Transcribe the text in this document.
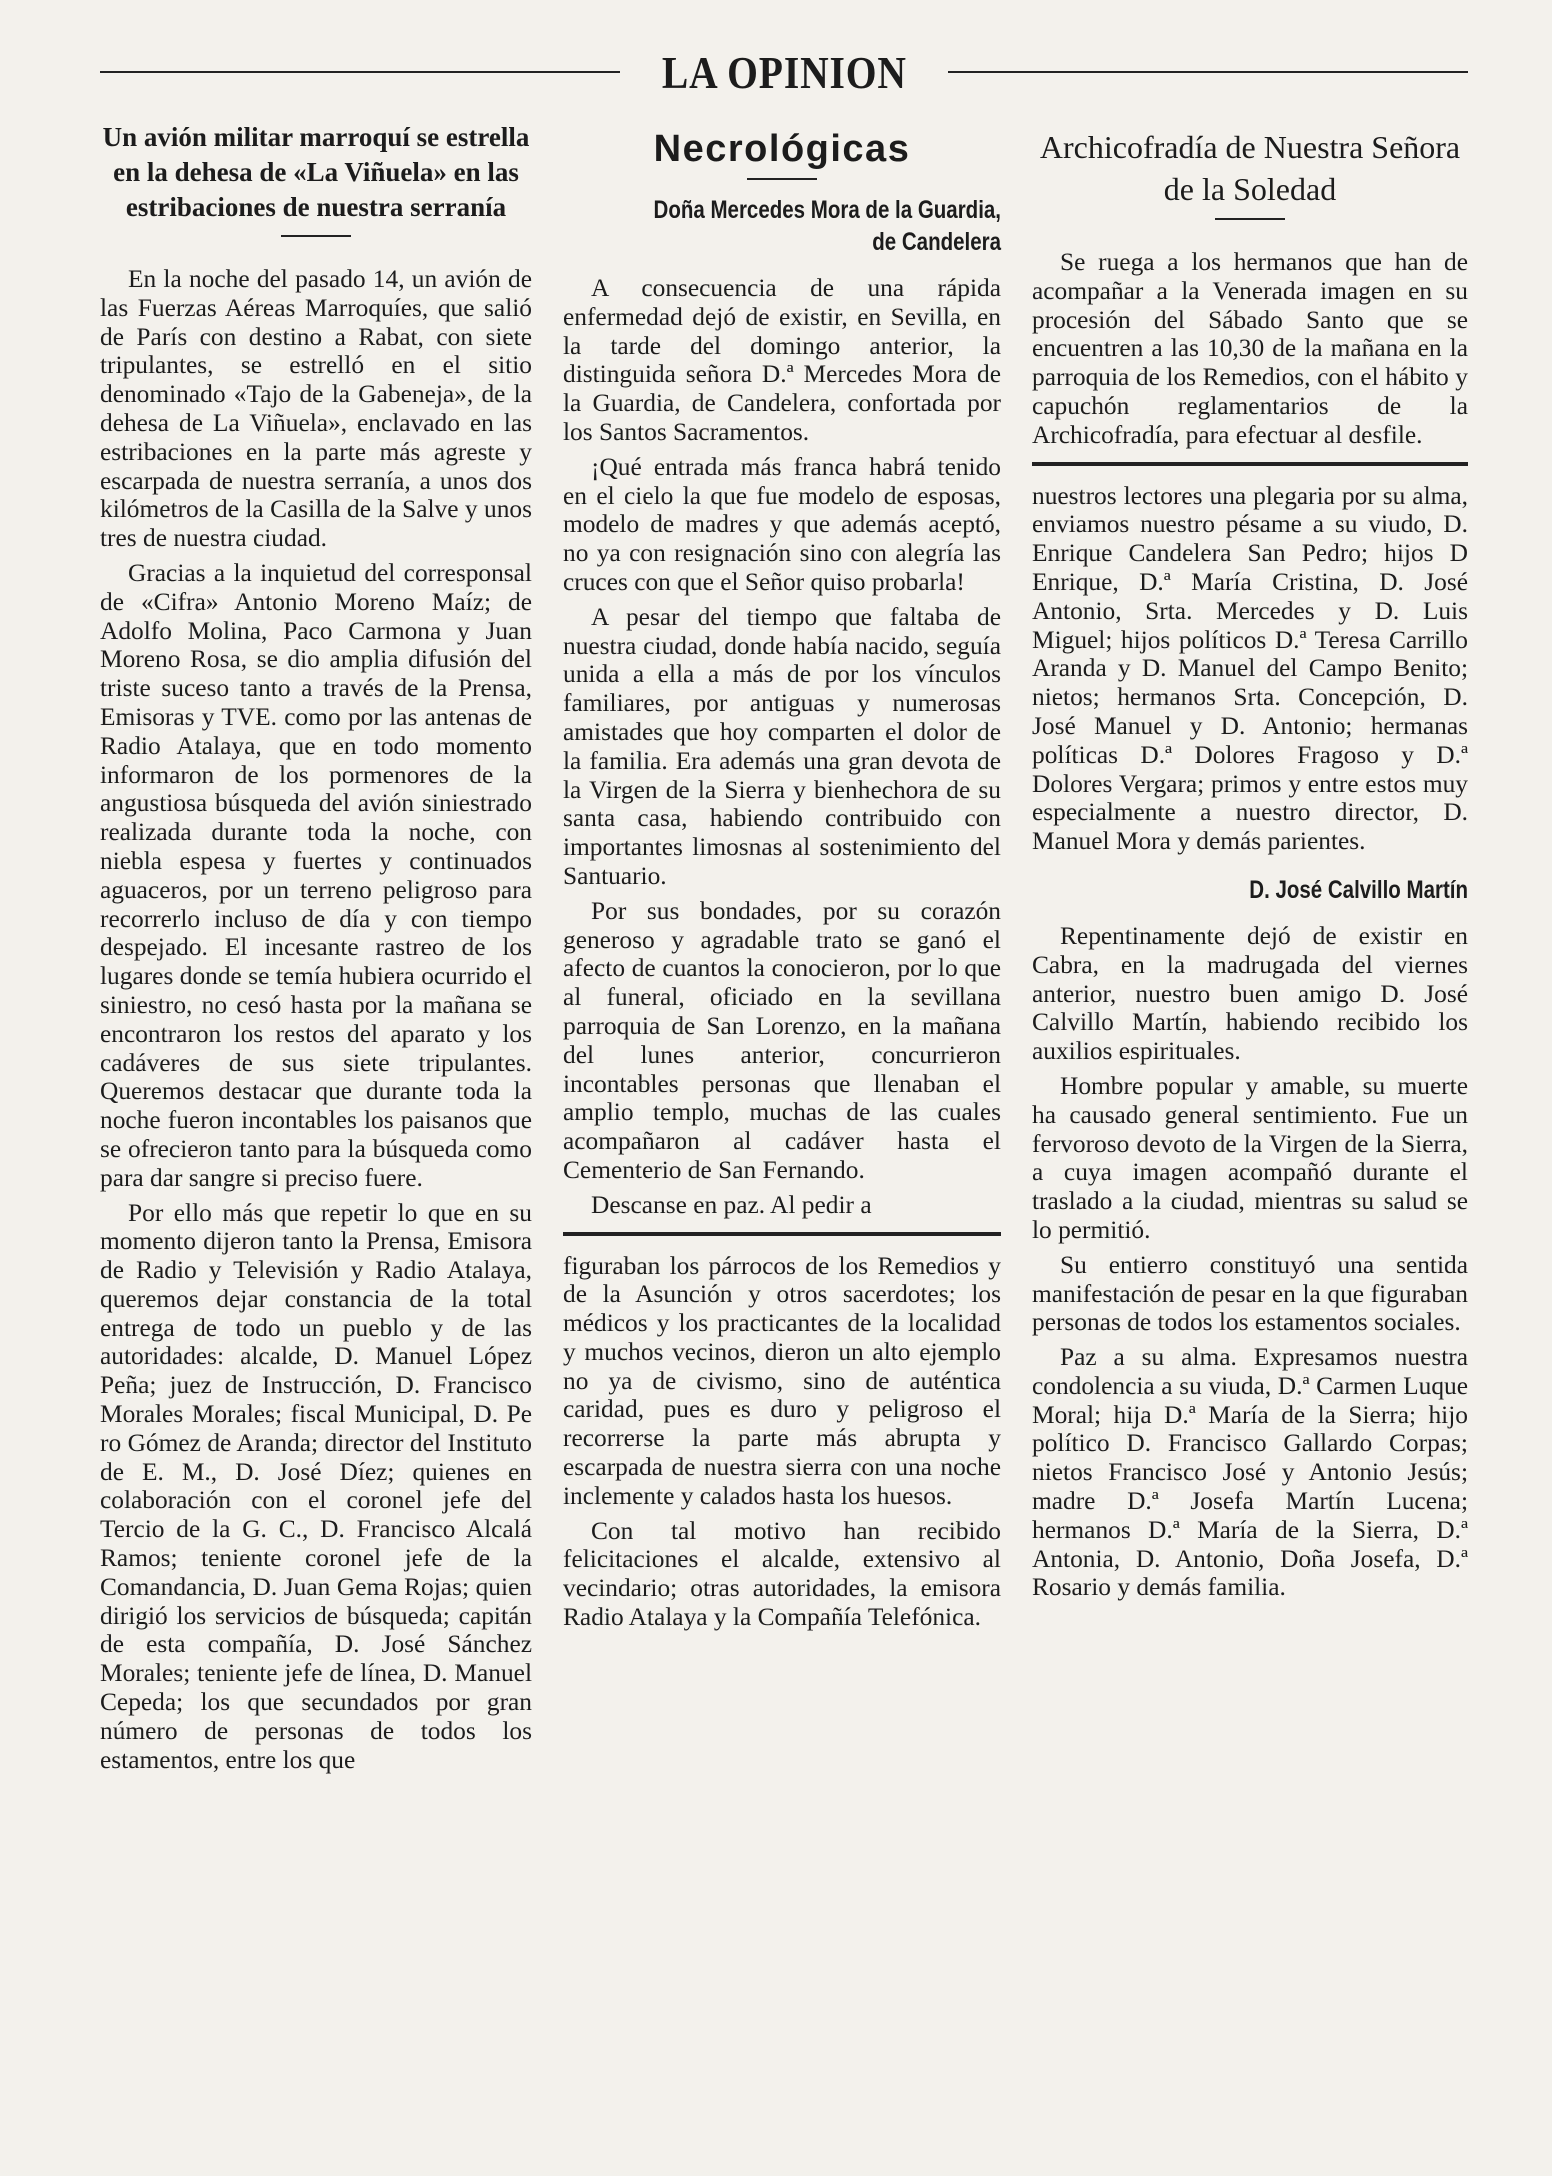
LA OPINION
Un avión militar marroquí se estrella en la dehesa de «La Viñuela» en las estribaciones de nuestra serranía

En la noche del pasado 14, un avión de las Fuerzas Aéreas Marroquíes, que salió de París con destino a Rabat, con siete tripulantes, se estrelló en el sitio denominado «Tajo de la Gabeneja», de la dehesa de La Viñuela», enclavado en las estribaciones en la parte más agreste y escarpada de nuestra serranía, a unos dos kilómetros de la Casilla de la Salve y unos tres de nuestra ciudad.

Gracias a la inquietud del corresponsal de «Cifra» Antonio Moreno Maíz; de Adolfo Molina, Paco Carmona y Juan Moreno Rosa, se dio amplia difusión del triste suceso tanto a través de la Prensa, Emisoras y TVE. como por las antenas de Radio Atalaya, que en todo momento informaron de los pormenores de la angustiosa búsqueda del avión siniestrado realizada durante toda la noche, con niebla espesa y fuertes y continuados aguaceros, por un terreno peligroso para recorrerlo incluso de día y con tiempo despejado. El incesante rastreo de los lugares donde se temía hubiera ocurrido el siniestro, no cesó hasta por la mañana se encontraron los restos del aparato y los cadáveres de sus siete tripulantes. Queremos destacar que durante toda la noche fueron incontables los paisanos que se ofrecieron tanto para la búsqueda como para dar sangre si preciso fuere.

Por ello más que repetir lo que en su momento dijeron tanto la Prensa, Emisora de Radio y Televisión y Radio Atalaya, queremos dejar constancia de la total entrega de todo un pueblo y de las autoridades: alcalde, D. Manuel López Peña; juez de Instrucción, D. Francisco Morales Morales; fiscal Municipal, D. Pe ro Gómez de Aranda; director del Instituto de E. M., D. José Díez; quienes en colaboración con el coronel jefe del Tercio de la G. C., D. Francisco Alcalá Ramos; teniente coronel jefe de la Comandancia, D. Juan Gema Rojas; quien dirigió los servicios de búsqueda; capitán de esta compañía, D. José Sánchez Morales; teniente jefe de línea, D. Manuel Cepeda; los que secundados por gran número de personas de todos los estamentos, entre los que

Necrológicas
Doña Mercedes Mora de la Guardia, de Candelera

A consecuencia de una rápida enfermedad dejó de existir, en Sevilla, en la tarde del domingo anterior, la distinguida señora D.ª Mercedes Mora de la Guardia, de Candelera, confortada por los Santos Sacramentos.

¡Qué entrada más franca habrá tenido en el cielo la que fue modelo de esposas, modelo de madres y que además aceptó, no ya con resignación sino con alegría las cruces con que el Señor quiso probarla!

A pesar del tiempo que faltaba de nuestra ciudad, donde había nacido, seguía unida a ella a más de por los vínculos familiares, por antiguas y numerosas amistades que hoy comparten el dolor de la familia. Era además una gran devota de la Virgen de la Sierra y bienhechora de su santa casa, habiendo contribuido con importantes limosnas al sostenimiento del Santuario.

Por sus bondades, por su corazón generoso y agradable trato se ganó el afecto de cuantos la conocieron, por lo que al funeral, oficiado en la sevillana parroquia de San Lorenzo, en la mañana del lunes anterior, concurrieron incontables personas que llenaban el amplio templo, muchas de las cuales acompañaron al cadáver hasta el Cementerio de San Fernando.

Descanse en paz. Al pedir a

figuraban los párrocos de los Remedios y de la Asunción y otros sacerdotes; los médicos y los practicantes de la localidad y muchos vecinos, dieron un alto ejemplo no ya de civismo, sino de auténtica caridad, pues es duro y peligroso el recorrerse la parte más abrupta y escarpada de nuestra sierra con una noche inclemente y calados hasta los huesos.

Con tal motivo han recibido felicitaciones el alcalde, extensivo al vecindario; otras autoridades, la emisora Radio Atalaya y la Compañía Telefónica.

Archicofradía de Nuestra Señora de la Soledad

Se ruega a los hermanos que han de acompañar a la Venerada imagen en su procesión del Sábado Santo que se encuentren a las 10,30 de la mañana en la parroquia de los Remedios, con el hábito y capuchón reglamentarios de la Archicofradía, para efectuar al desfile.

nuestros lectores una plegaria por su alma, enviamos nuestro pésame a su viudo, D. Enrique Candelera San Pedro; hijos D Enrique, D.ª María Cristina, D. José Antonio, Srta. Mercedes y D. Luis Miguel; hijos políticos D.ª Teresa Carrillo Aranda y D. Manuel del Campo Benito; nietos; hermanos Srta. Concepción, D. José Manuel y D. Antonio; hermanas políticas D.ª Dolores Fragoso y D.ª Dolores Vergara; primos y entre estos muy especialmente a nuestro director, D. Manuel Mora y demás parientes.

D. José Calvillo Martín

Repentinamente dejó de existir en Cabra, en la madrugada del viernes anterior, nuestro buen amigo D. José Calvillo Martín, habiendo recibido los auxilios espirituales.

Hombre popular y amable, su muerte ha causado general sentimiento. Fue un fervoroso devoto de la Virgen de la Sierra, a cuya imagen acompañó durante el traslado a la ciudad, mientras su salud se lo permitió.

Su entierro constituyó una sentida manifestación de pesar en la que figuraban personas de todos los estamentos sociales.

Paz a su alma. Expresamos nuestra condolencia a su viuda, D.ª Carmen Luque Moral; hija D.ª María de la Sierra; hijo político D. Francisco Gallardo Corpas; nietos Francisco José y Antonio Jesús; madre D.ª Josefa Martín Lucena; hermanos D.ª María de la Sierra, D.ª Antonia, D. Antonio, Doña Josefa, D.ª Rosario y demás familia.
